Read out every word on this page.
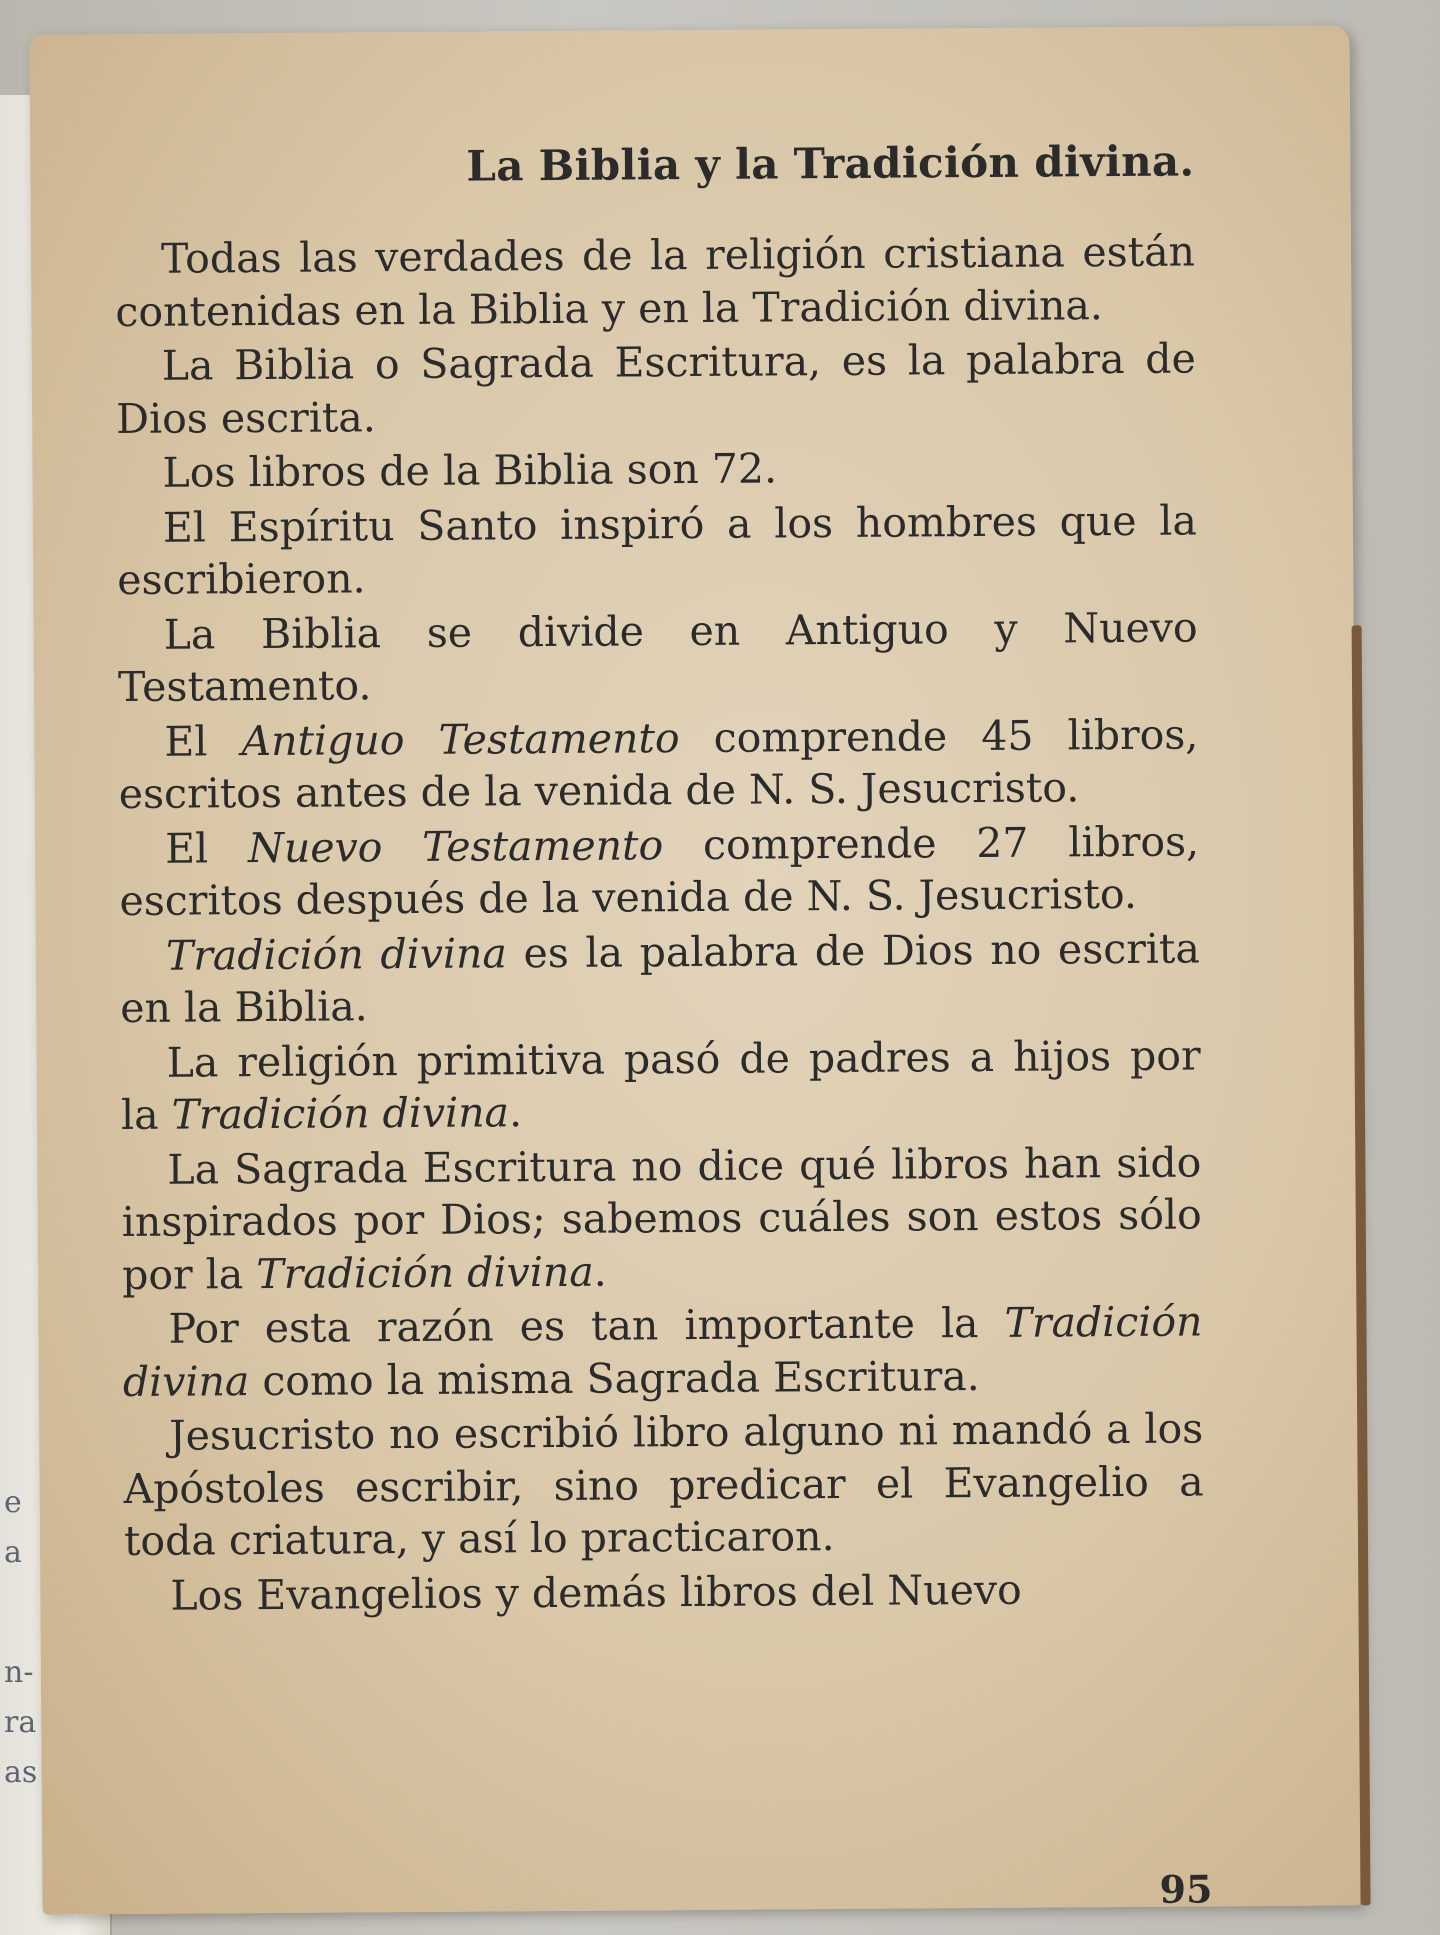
e
a
n-
ra
as
La Biblia y la Tradición divina.

Todas las verdades de la religión cristiana están contenidas en la Biblia y en la Tradición divina.

La Biblia o Sagrada Escritura, es la palabra de Dios escrita.

Los libros de la Biblia son 72.

El Espíritu Santo inspiró a los hombres que la escribieron.

La Biblia se divide en Antiguo y Nuevo Testamento.

El Antiguo Testamento comprende 45 libros, escritos antes de la venida de N. S. Jesucristo.

El Nuevo Testamento comprende 27 libros, escritos después de la venida de N. S. Jesucristo.

Tradición divina es la palabra de Dios no escrita en la Biblia.

La religión primitiva pasó de padres a hijos por la Tradición divina.

La Sagrada Escritura no dice qué libros han sido inspirados por Dios; sabemos cuáles son estos sólo por la Tradición divina.

Por esta razón es tan importante la Tradición divina como la misma Sagrada Escritura.

Jesucristo no escribió libro alguno ni mandó a los Apóstoles escribir, sino predicar el Evangelio a toda criatura, y así lo practicaron.

Los Evangelios y demás libros del Nuevo

95
